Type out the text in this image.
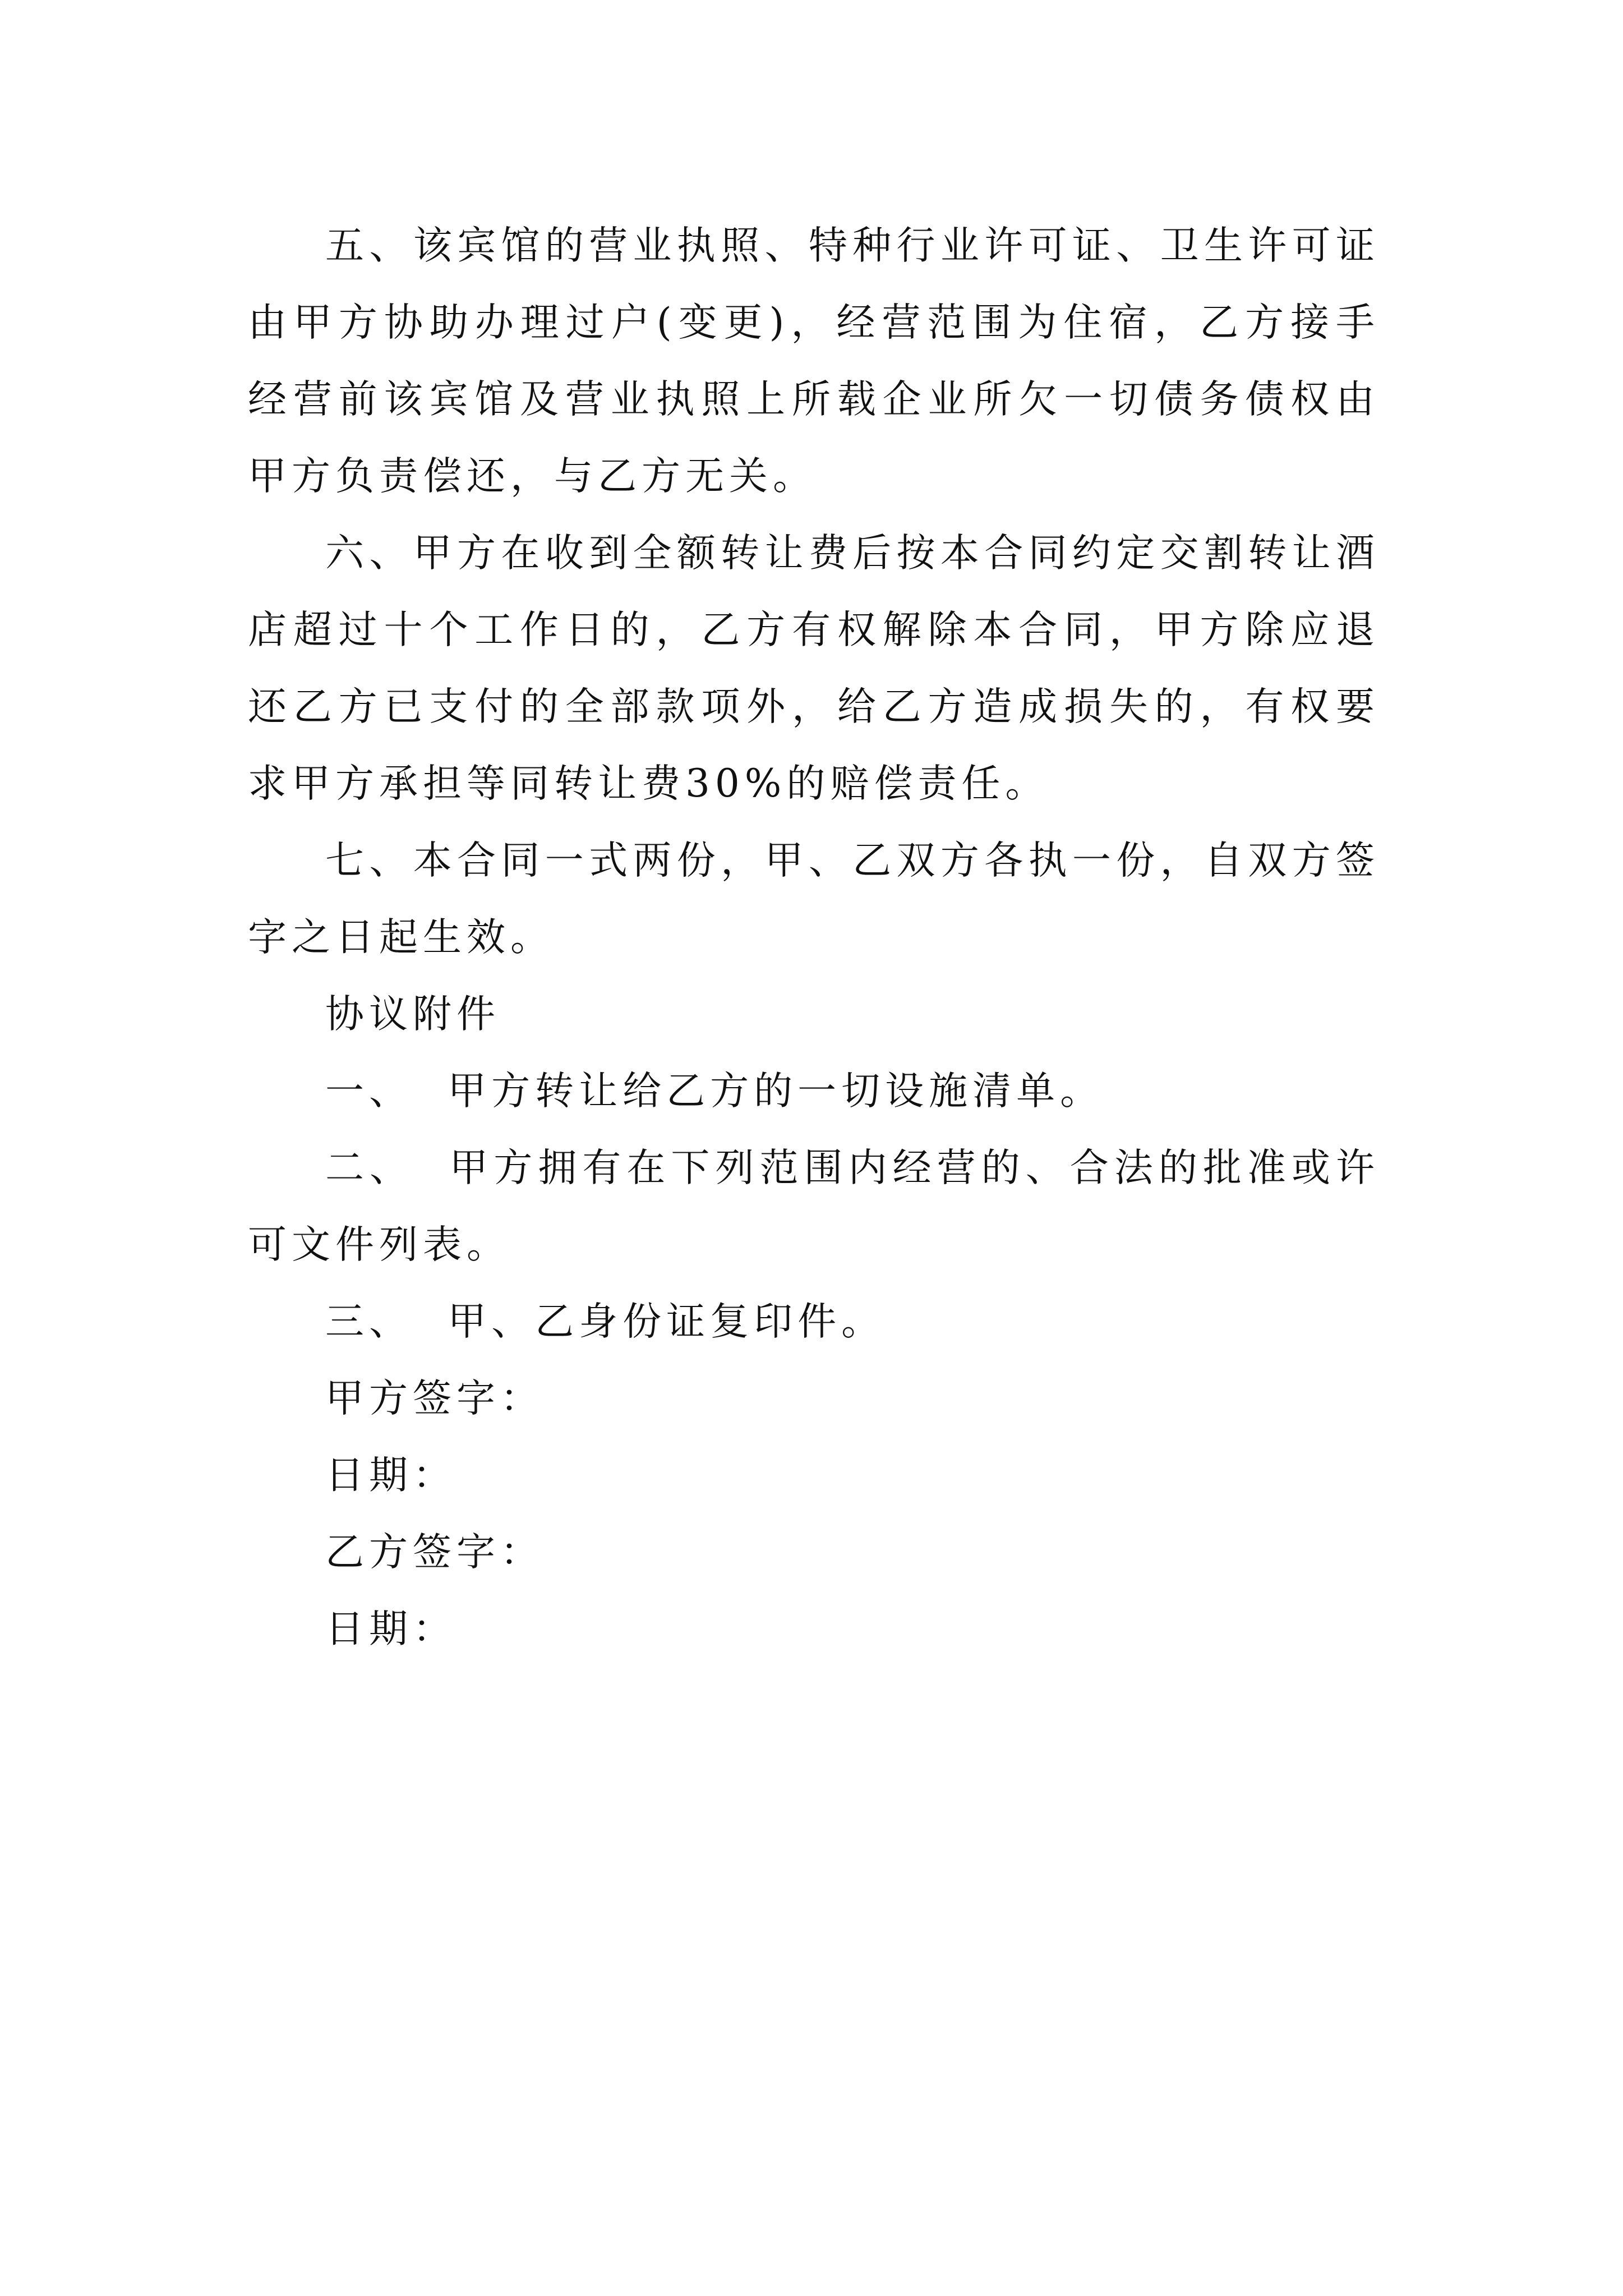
五、该宾馆的营业执照、特种行业许可证、卫生许可证由甲方协助办理过户(变更)，经营范围为住宿，乙方接手经营前该宾馆及营业执照上所载企业所欠一切债务债权由甲方负责偿还，与乙方无关。

六、甲方在收到全额转让费后按本合同约定交割转让酒店超过十个工作日的，乙方有权解除本合同，甲方除应退还乙方已支付的全部款项外，给乙方造成损失的，有权要求甲方承担等同转让费30%的赔偿责任。

七、本合同一式两份，甲、乙双方各执一份，自双方签字之日起生效。

协议附件

一、 甲方转让给乙方的一切设施清单。

二、 甲方拥有在下列范围内经营的、合法的批准或许可文件列表。

三、 甲、乙身份证复印件。

甲方签字：

日期：

乙方签字：

日期：
